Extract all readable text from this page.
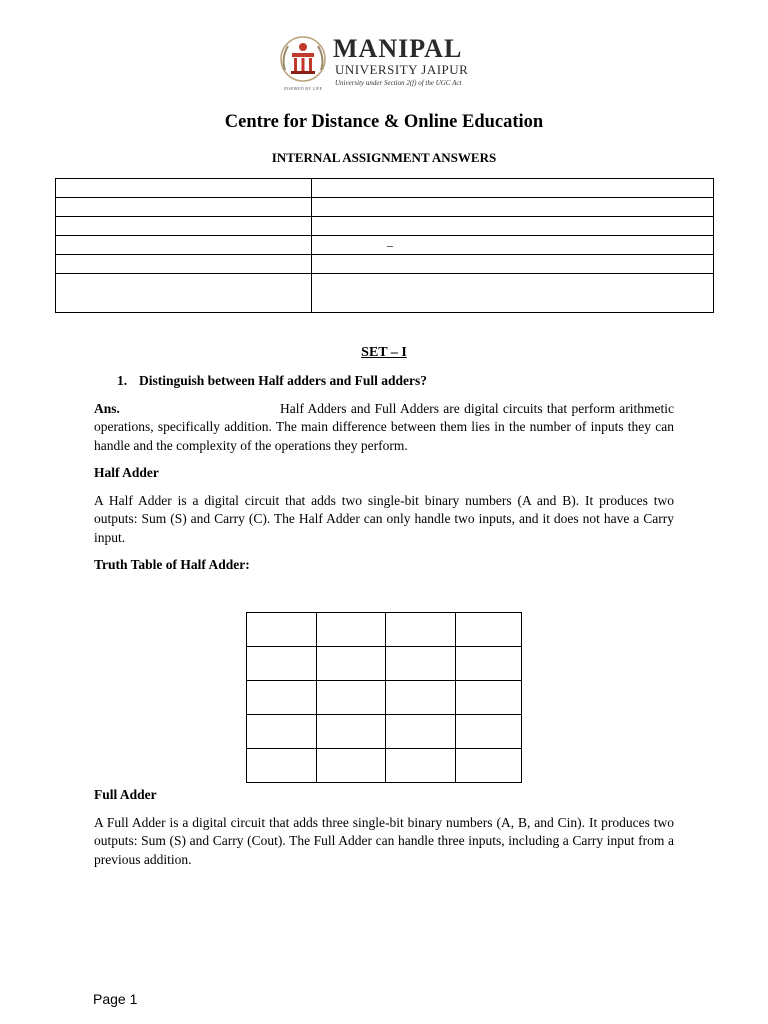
INSPIRED BY LIFE
MANIPAL
UNIVERSITY JAIPUR
University under Section 2(f) of the UGC Act
Centre for Distance & Online Education
INTERNAL ASSIGNMENT ANSWERS

	–

SET – I
1. Distinguish between Half adders and Full adders?
Ans.	Half Adders and Full Adders are digital circuits that perform arithmetic operations, specifically addition. The main difference between them lies in the number of inputs they can handle and the complexity of the operations they perform.
Half Adder
A Half Adder is a digital circuit that adds two single-bit binary numbers (A and B). It produces two outputs: Sum (S) and Carry (C). The Half Adder can only handle two inputs, and it does not have a Carry input.
Truth Table of Half Adder:

Full Adder
A Full Adder is a digital circuit that adds three single-bit binary numbers (A, B, and Cin). It produces two outputs: Sum (S) and Carry (Cout). The Full Adder can handle three inputs, including a Carry input from a previous addition.
Page 1
